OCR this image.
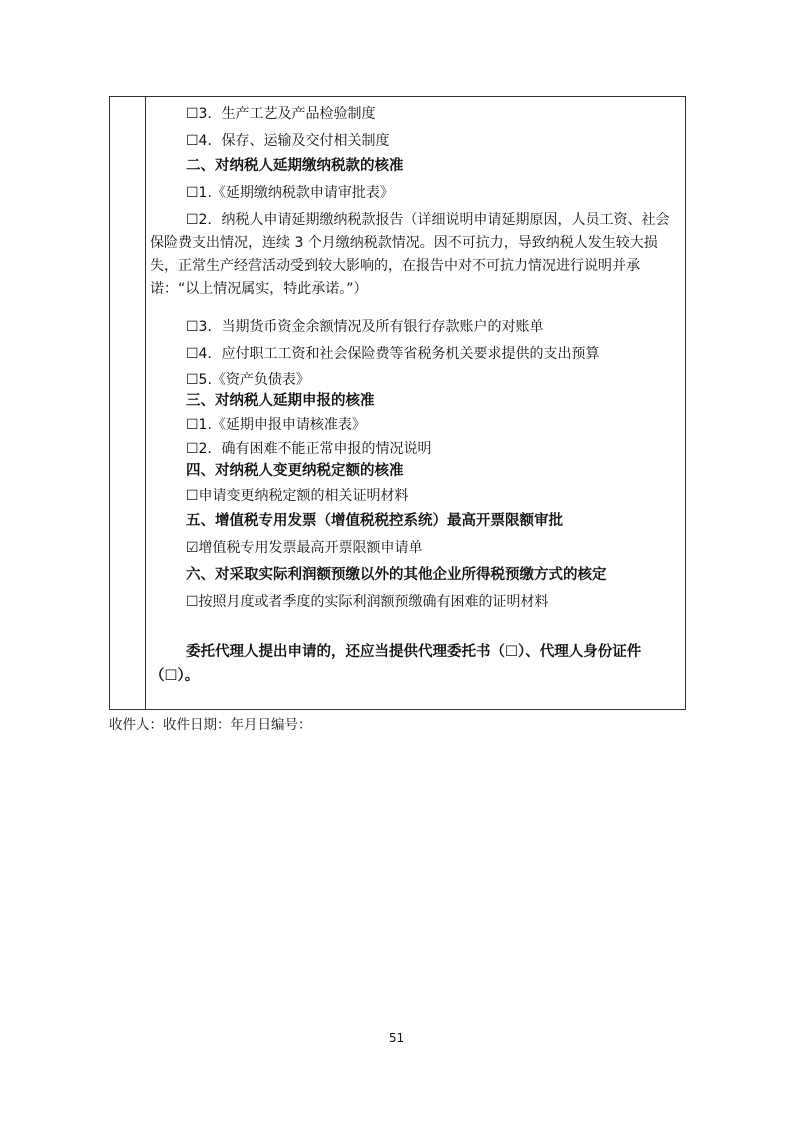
☐3．生产工艺及产品检验制度
☐4．保存、运输及交付相关制度
二、对纳税人延期缴纳税款的核准
☐1.《延期缴纳税款申请审批表》
☐2．纳税人申请延期缴纳税款报告（详细说明申请延期原因，人员工资、社会保险费支出情况，连续 3 个月缴纳税款情况。因不可抗力，导致纳税人发生较大损失，正常生产经营活动受到较大影响的，在报告中对不可抗力情况进行说明并承诺：“以上情况属实，特此承诺。”）
☐3．当期货币资金余额情况及所有银行存款账户的对账单
☐4．应付职工工资和社会保险费等省税务机关要求提供的支出预算
☐5.《资产负债表》
三、对纳税人延期申报的核准
☐1.《延期申报申请核准表》
☐2．确有困难不能正常申报的情况说明
四、对纳税人变更纳税定额的核准
☐申请变更纳税定额的相关证明材料
五、增值税专用发票（增值税税控系统）最高开票限额审批
☑增值税专用发票最高开票限额申请单
六、对采取实际利润额预缴以外的其他企业所得税预缴方式的核定
☐按照月度或者季度的实际利润额预缴确有困难的证明材料
委托代理人提出申请的，还应当提供代理委托书（☐）、代理人身份证件（☐）。
收件人：收件日期：年月日编号：
51
